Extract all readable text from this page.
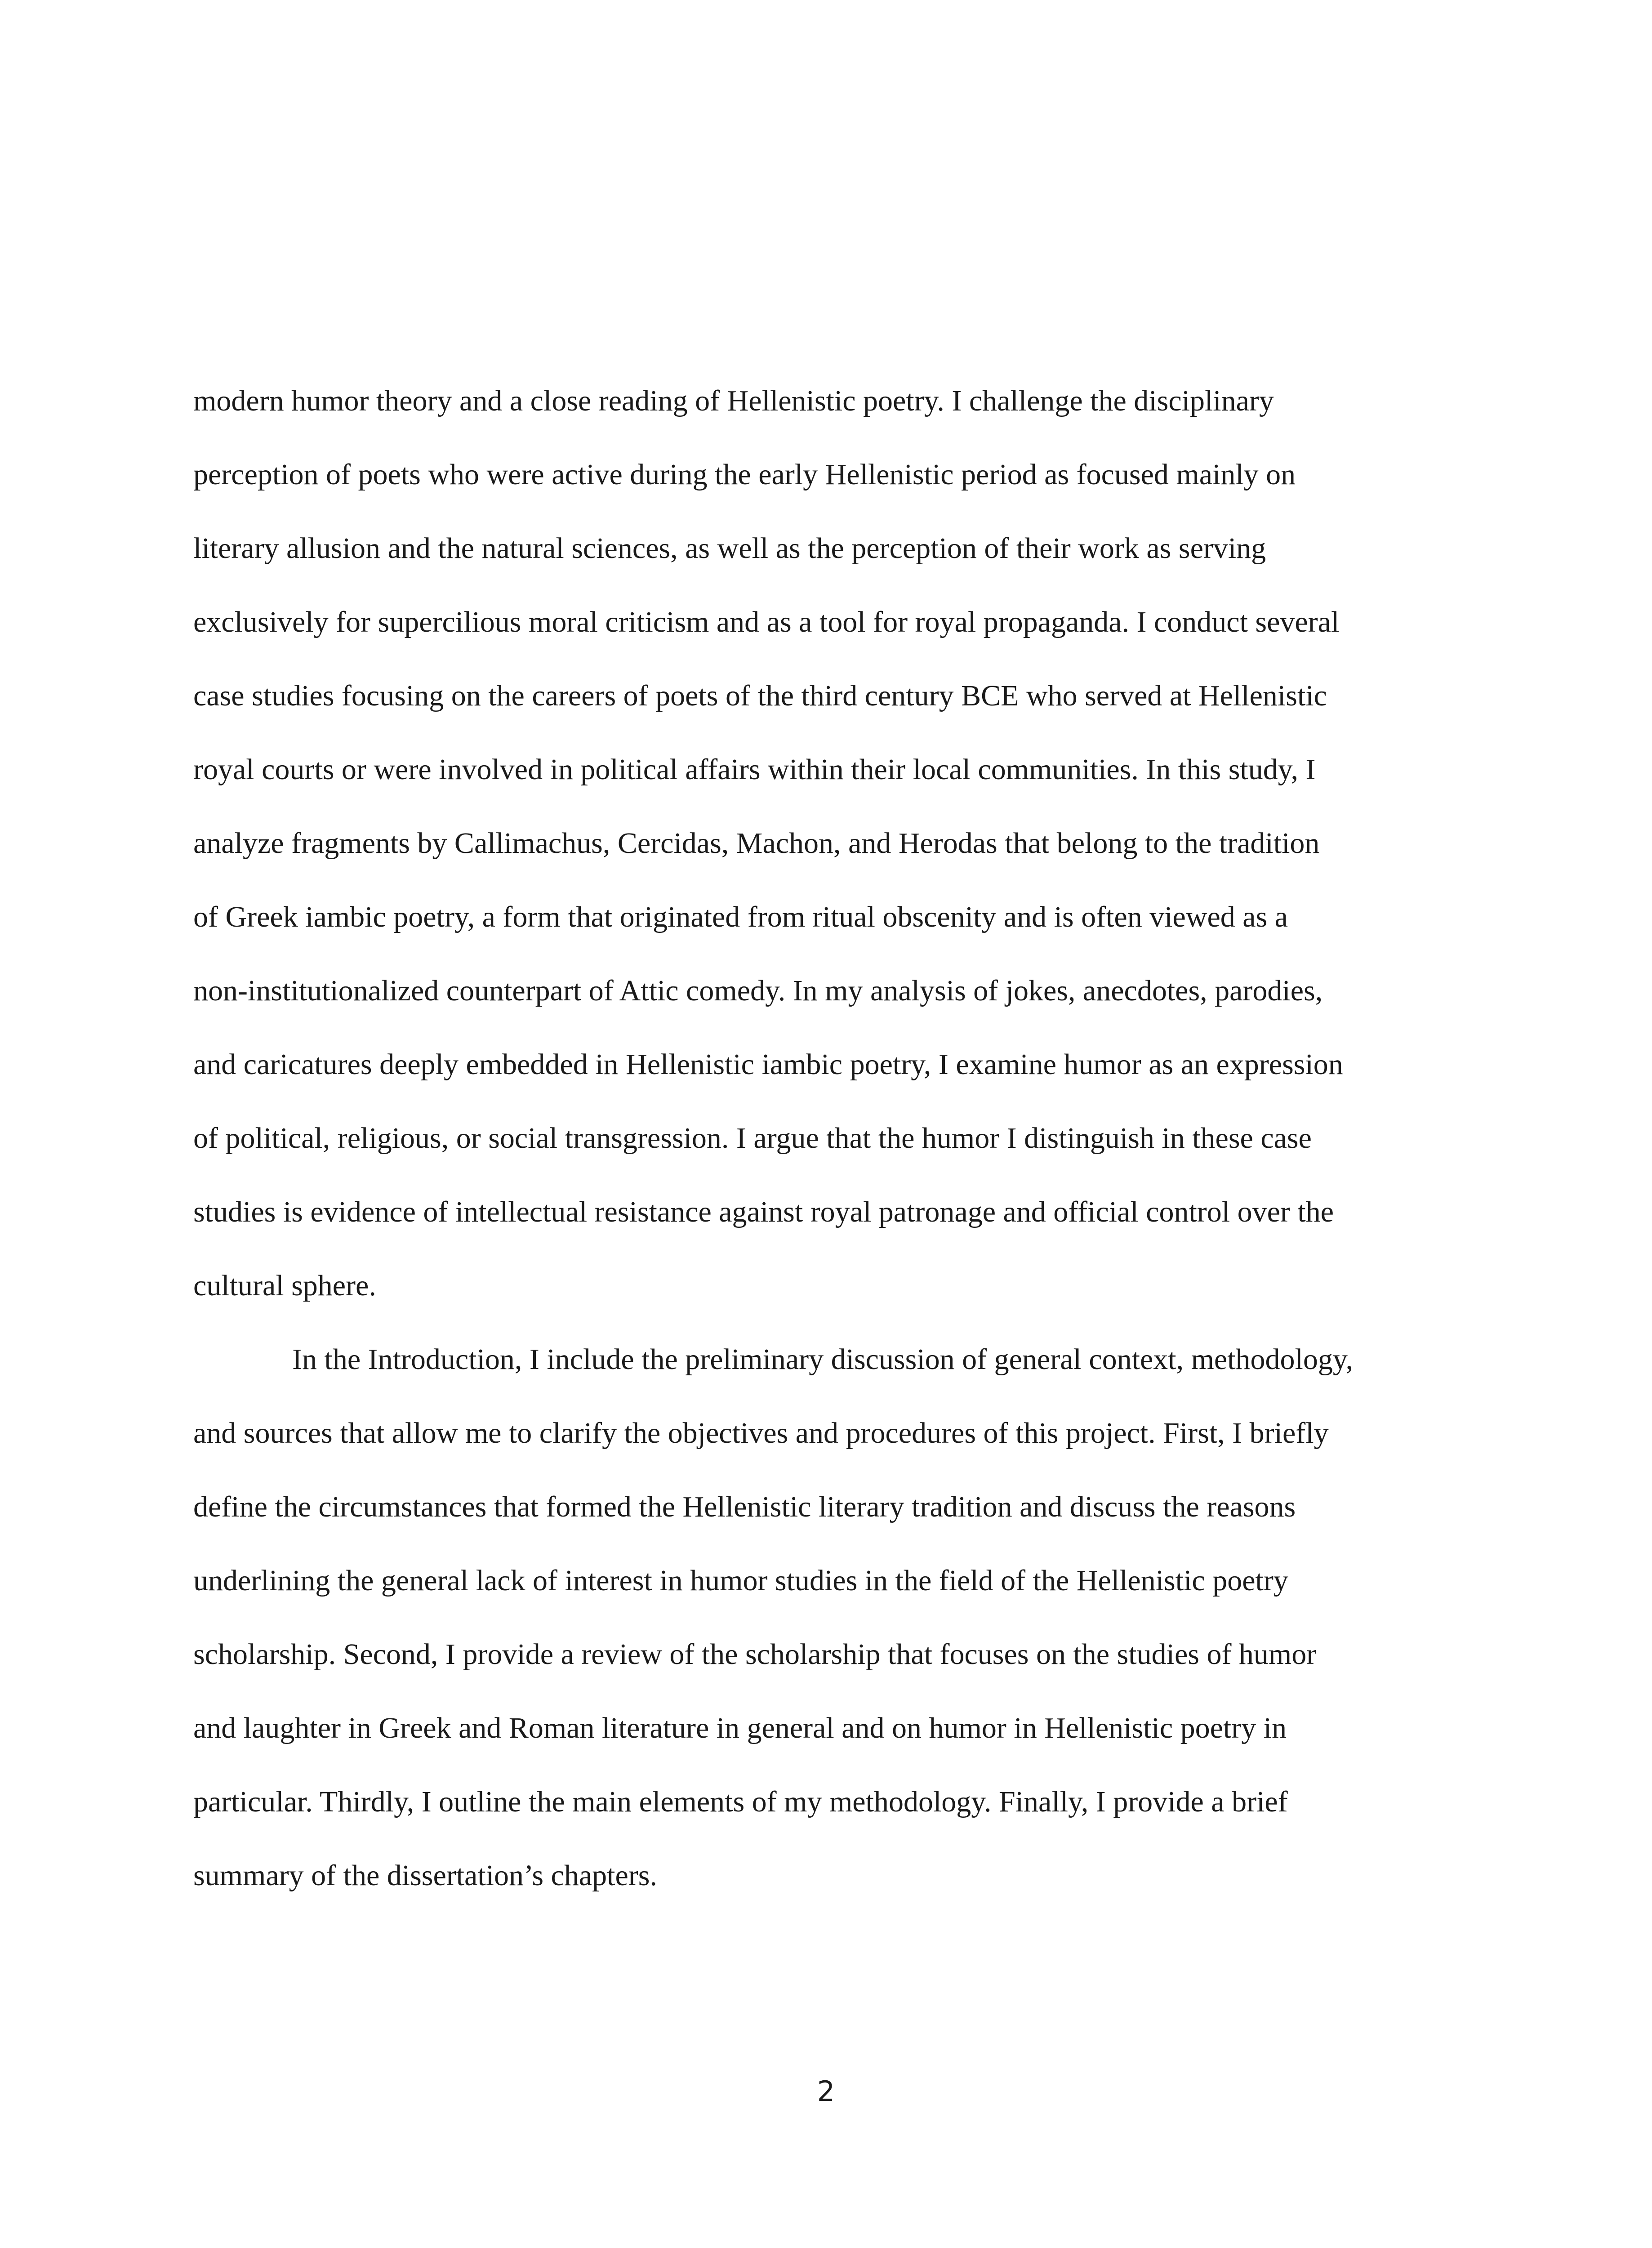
modern humor theory and a close reading of Hellenistic poetry. I challenge the disciplinary
perception of poets who were active during the early Hellenistic period as focused mainly on
literary allusion and the natural sciences, as well as the perception of their work as serving
exclusively for supercilious moral criticism and as a tool for royal propaganda. I conduct several
case studies focusing on the careers of poets of the third century BCE who served at Hellenistic
royal courts or were involved in political affairs within their local communities. In this study, I
analyze fragments by Callimachus, Cercidas, Machon, and Herodas that belong to the tradition
of Greek iambic poetry, a form that originated from ritual obscenity and is often viewed as a
non-institutionalized counterpart of Attic comedy. In my analysis of jokes, anecdotes, parodies,
and caricatures deeply embedded in Hellenistic iambic poetry, I examine humor as an expression
of political, religious, or social transgression. I argue that the humor I distinguish in these case
studies is evidence of intellectual resistance against royal patronage and official control over the
cultural sphere.
In the Introduction, I include the preliminary discussion of general context, methodology,
and sources that allow me to clarify the objectives and procedures of this project. First, I briefly
define the circumstances that formed the Hellenistic literary tradition and discuss the reasons
underlining the general lack of interest in humor studies in the field of the Hellenistic poetry
scholarship. Second, I provide a review of the scholarship that focuses on the studies of humor
and laughter in Greek and Roman literature in general and on humor in Hellenistic poetry in
particular. Thirdly, I outline the main elements of my methodology. Finally, I provide a brief
summary of the dissertation’s chapters.
2
